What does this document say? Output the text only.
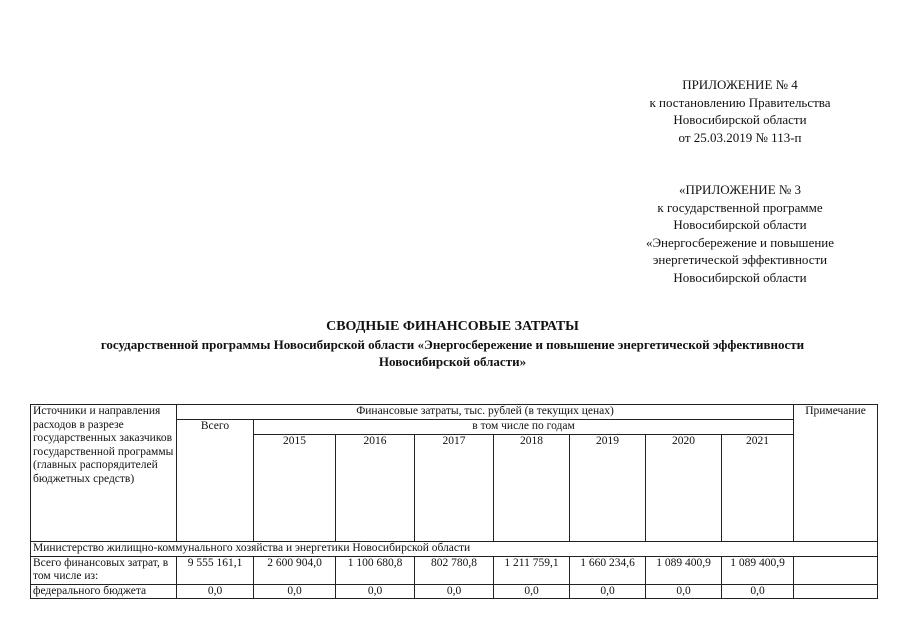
ПРИЛОЖЕНИЕ № 4
к постановлению Правительства
Новосибирской области
от 25.03.2019 № 113-п
«ПРИЛОЖЕНИЕ № 3
к государственной программе
Новосибирской области
«Энергосбережение и повышение
энергетической эффективности
Новосибирской области
СВОДНЫЕ ФИНАНСОВЫЕ ЗАТРАТЫ
государственной программы Новосибирской области «Энергосбережение и повышение энергетической эффективности
Новосибирской области»
Источники и направления расходов в разрезе государственных заказчиков государственной программы (главных распорядителей бюджетных средств)	Финансовые затраты, тыс. рублей (в текущих ценах)								Примечание
	Всего	в том числе по годам							
		2015	2016	2017	2018	2019	2020	2021	
Министерство жилищно-коммунального хозяйства и энергетики Новосибирской области									
Всего финансовых затрат, в том числе из:	9 555 161,1	2 600 904,0	1 100 680,8	802 780,8	1 211 759,1	1 660 234,6	1 089 400,9	1 089 400,9	
федерального бюджета	0,0	0,0	0,0	0,0	0,0	0,0	0,0	0,0	
